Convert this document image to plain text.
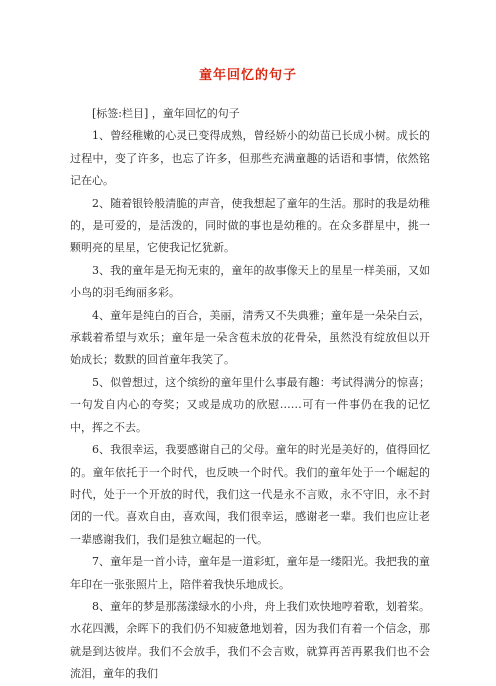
童年回忆的句子

[标签:栏目] ，童年回忆的句子

1、曾经稚嫩的心灵已变得成熟，曾经娇小的幼苗已长成小树。成长的过程中，变了许多，也忘了许多，但那些充满童趣的话语和事情，依然铭记在心。

2、随着银铃般清脆的声音，使我想起了童年的生活。那时的我是幼稚的，是可爱的，是活泼的，同时做的事也是幼稚的。在众多群星中，挑一颗明亮的星星，它使我记忆犹新。

3、我的童年是无拘无束的，童年的故事像天上的星星一样美丽，又如小鸟的羽毛绚丽多彩。

4、童年是纯白的百合，美丽，清秀又不失典雅；童年是一朵朵白云，承载着希望与欢乐；童年是一朵含苞未放的花骨朵，虽然没有绽放但以开始成长；数默的回首童年我笑了。

5、似曾想过，这个缤纷的童年里什么事最有趣：考试得满分的惊喜；一句发自内心的夸奖；又或是成功的欣慰……可有一件事仍在我的记忆中，挥之不去。

6、我很幸运，我要感谢自己的父母。童年的时光是美好的，值得回忆的。童年依托于一个时代，也反映一个时代。我们的童年处于一个崛起的时代，处于一个开放的时代，我们这一代是永不言败，永不守旧，永不封闭的一代。喜欢自由，喜欢闯，我们很幸运，感谢老一辈。我们也应让老一辈感谢我们，我们是独立崛起的一代。

7、童年是一首小诗，童年是一道彩虹，童年是一缕阳光。我把我的童年印在一张张照片上，陪伴着我快乐地成长。

8、童年的梦是那荡漾绿水的小舟，舟上我们欢快地哼着歌，划着桨。水花四溅，余晖下的我们仍不知疲惫地划着，因为我们有着一个信念，那就是到达彼岸。我们不会放手，我们不会言败，就算再苦再累我们也不会流泪，童年的我们
